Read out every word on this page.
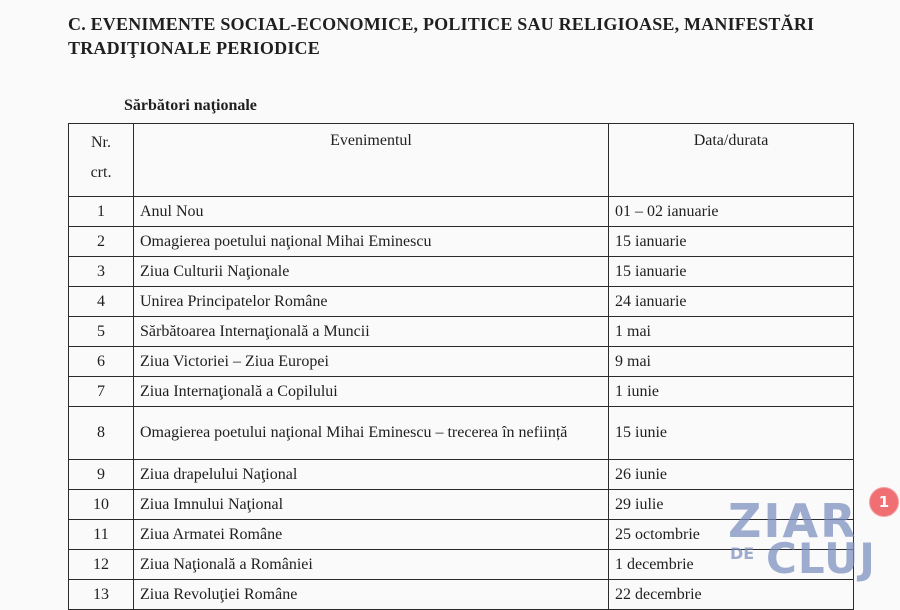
C. EVENIMENTE SOCIAL-ECONOMICE, POLITICE SAU RELIGIOASE, MANIFESTĂRI
TRADIŢIONALE PERIODICE
Sărbători naţionale
Nr.
crt.	Evenimentul	Data/durata
1	Anul Nou	01 – 02 ianuarie
2	Omagierea poetului naţional Mihai Eminescu	15 ianuarie
3	Ziua Culturii Naţionale	15 ianuarie
4	Unirea Principatelor Române	24 ianuarie
5	Sărbătoarea Internaţională a Muncii	1 mai
6	Ziua Victoriei – Ziua Europei	9 mai
7	Ziua Internaţională a Copilului	1 iunie
8	Omagierea poetului naţional Mihai Eminescu – trecerea în neființă	15 iunie
9	Ziua drapelului Naţional	26 iunie
10	Ziua Imnului Naţional	29 iulie
11	Ziua Armatei Române	25 octombrie
12	Ziua Naţională a României	1 decembrie
13	Ziua Revoluţiei Române	22 decembrie
ZIAR
DE CLUJ
1
